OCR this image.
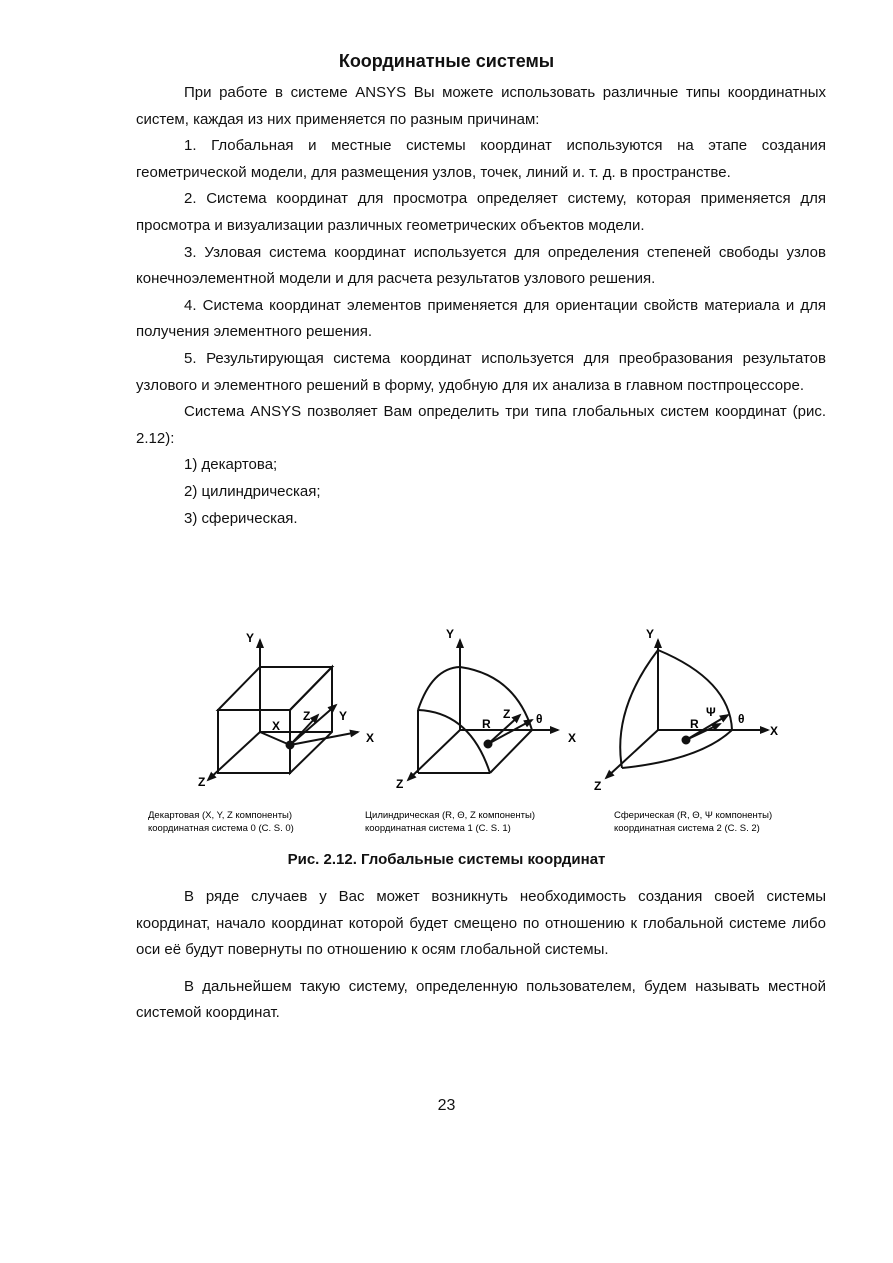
Координатные системы

При работе в системе ANSYS Вы можете использовать различные типы координатных систем, каждая из них применяется по разным причинам:

1. Глобальная и местные системы координат используются на этапе создания геометрической модели, для размещения узлов, точек, линий и. т. д. в пространстве.

2. Система координат для просмотра определяет систему, которая применяется для просмотра и визуализации различных геометрических объектов модели.

3. Узловая система координат используется для определения степеней свободы узлов конечноэлементной модели и для расчета результатов узлового решения.

4. Система координат элементов применяется для ориентации свойств материала и для получения элементного решения.

5. Результирующая система координат используется для преобразования результатов узлового и элементного решений в форму, удобную для их анализа в главном постпроцессоре.

Система ANSYS позволяет Вам определить три типа глобальных систем координат (рис. 2.12):

1) декартова;

2) цилиндрическая;

3) сферическая.

Y
X
Z
X
Z Y
Декартовая (X, Y, Z компоненты)
координатная система 0 (C. S. 0)
Y
X
Z
R
Z θ
Цилиндрическая (R, Θ, Z компоненты)
координатная система 1 (C. S. 1)
Y
X
Z
R
Ψ θ
Сферическая (R, Θ, Ψ компоненты)
координатная система 2 (C. S. 2)
Рис. 2.12. Глобальные системы координат

В ряде случаев у Вас может возникнуть необходимость создания своей системы координат, начало координат которой будет смещено по отношению к глобальной системе либо оси её будут повернуты по отношению к осям глобальной системы.

В дальнейшем такую систему, определенную пользователем, будем называть местной системой координат.

23
